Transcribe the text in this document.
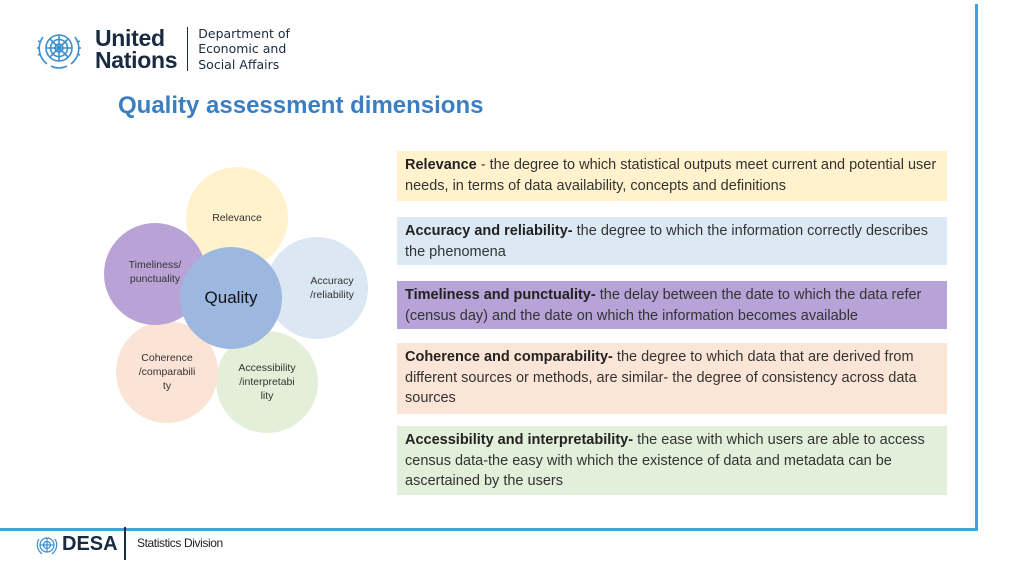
United
Nations
Department of
Economic and
Social Affairs
Quality assessment dimensions
Relevance
Accuracy
/reliability
Accessibility
/interpretabi
lity
Coherence
/comparabili
ty
Timeliness/
punctuality
Quality
Relevance - the degree to which statistical outputs meet current and potential user needs, in terms of data availability, concepts and definitions
Accuracy and reliability- the degree to which the information correctly describes the phenomena
Timeliness and punctuality- the delay between the date to which the data refer (census day) and the date on which the information becomes available
Coherence and comparability- the degree to which data that are derived from different sources or methods, are similar- the degree of consistency across data sources
Accessibility and interpretability- the ease with which users are able to access census data-the easy with which the existence of data and metadata can be ascertained by the users
DESA Statistics Division
